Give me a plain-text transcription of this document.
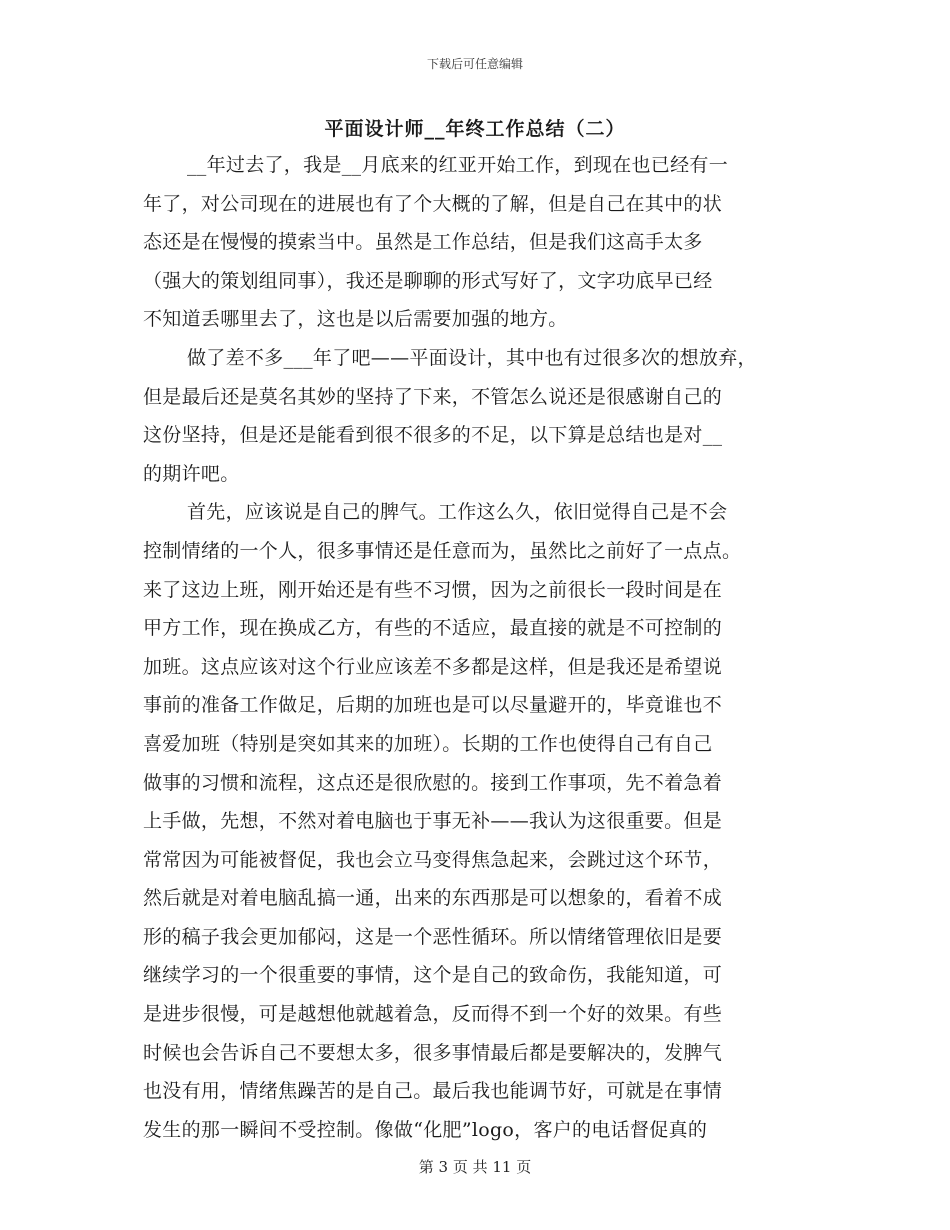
下载后可任意编辑
平面设计师__年终工作总结（二）
__年过去了，我是__月底来的红亚开始工作，到现在也已经有一
年了，对公司现在的进展也有了个大概的了解，但是自己在其中的状
态还是在慢慢的摸索当中。虽然是工作总结，但是我们这高手太多
（强大的策划组同事），我还是聊聊的形式写好了，文字功底早已经
不知道丢哪里去了，这也是以后需要加强的地方。
做了差不多___年了吧——平面设计，其中也有过很多次的想放弃，
但是最后还是莫名其妙的坚持了下来，不管怎么说还是很感谢自己的
这份坚持，但是还是能看到很不很多的不足，以下算是总结也是对__
的期许吧。
首先，应该说是自己的脾气。工作这么久，依旧觉得自己是不会
控制情绪的一个人，很多事情还是任意而为，虽然比之前好了一点点。
来了这边上班，刚开始还是有些不习惯，因为之前很长一段时间是在
甲方工作，现在换成乙方，有些的不适应，最直接的就是不可控制的
加班。这点应该对这个行业应该差不多都是这样，但是我还是希望说
事前的准备工作做足，后期的加班也是可以尽量避开的，毕竟谁也不
喜爱加班（特别是突如其来的加班）。长期的工作也使得自己有自己
做事的习惯和流程，这点还是很欣慰的。接到工作事项，先不着急着
上手做，先想，不然对着电脑也于事无补——我认为这很重要。但是
常常因为可能被督促，我也会立马变得焦急起来，会跳过这个环节，
然后就是对着电脑乱搞一通，出来的东西那是可以想象的，看着不成
形的稿子我会更加郁闷，这是一个恶性循环。所以情绪管理依旧是要
继续学习的一个很重要的事情，这个是自己的致命伤，我能知道，可
是进步很慢，可是越想他就越着急，反而得不到一个好的效果。有些
时候也会告诉自己不要想太多，很多事情最后都是要解决的，发脾气
也没有用，情绪焦躁苦的是自己。最后我也能调节好，可就是在事情
发生的那一瞬间不受控制。像做“化肥”logo，客户的电话督促真的
第 3 页 共 11 页
